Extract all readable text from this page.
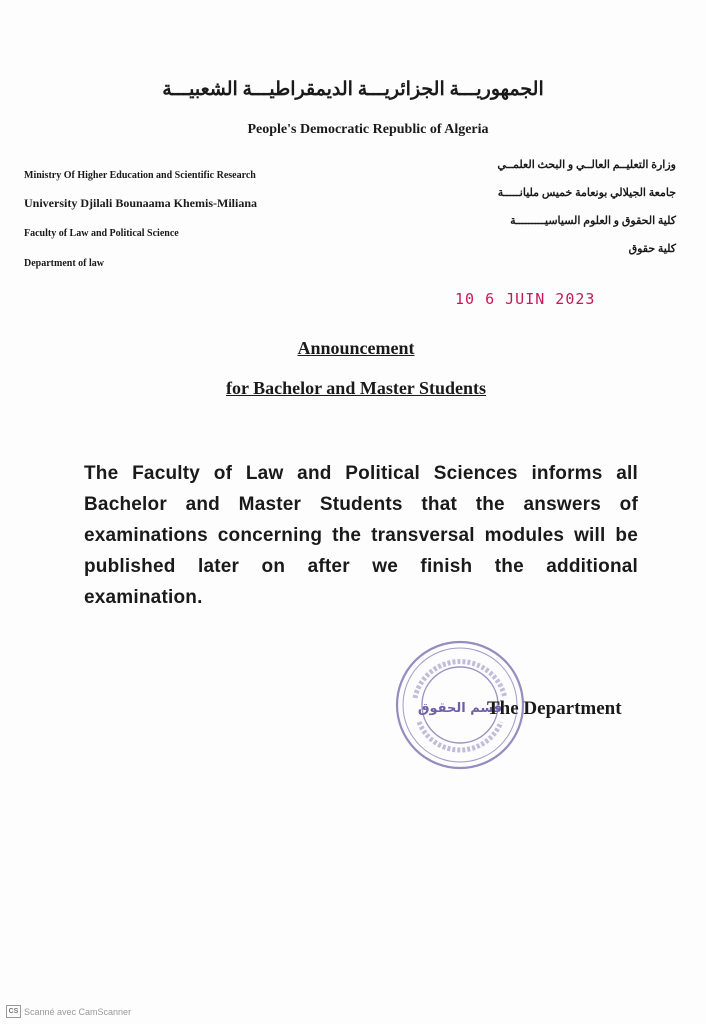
الجمهوريـــة الجزائريـــة الديمقراطيـــة الشعبيـــة
People's Democratic Republic of Algeria
Ministry Of Higher Education and Scientific Research
University Djilali Bounaama Khemis-Miliana
Faculty of Law and Political Science
Department of law
وزارة التعليــم العالــي و البحث العلمــي
جامعة الجيلالي بونعامة خميس مليانـــــة
كلية الحقوق و العلوم السياسيـــــــــة
كلية حقوق
10 6 JUIN 2023
Announcement
for Bachelor and Master Students
The Faculty of Law and Political Sciences informs all Bachelor and Master Students that the answers of examinations concerning the transversal modules will be published later on after we finish the additional examination.
قسم الحقوق
The Department
CS Scanné avec CamScanner
